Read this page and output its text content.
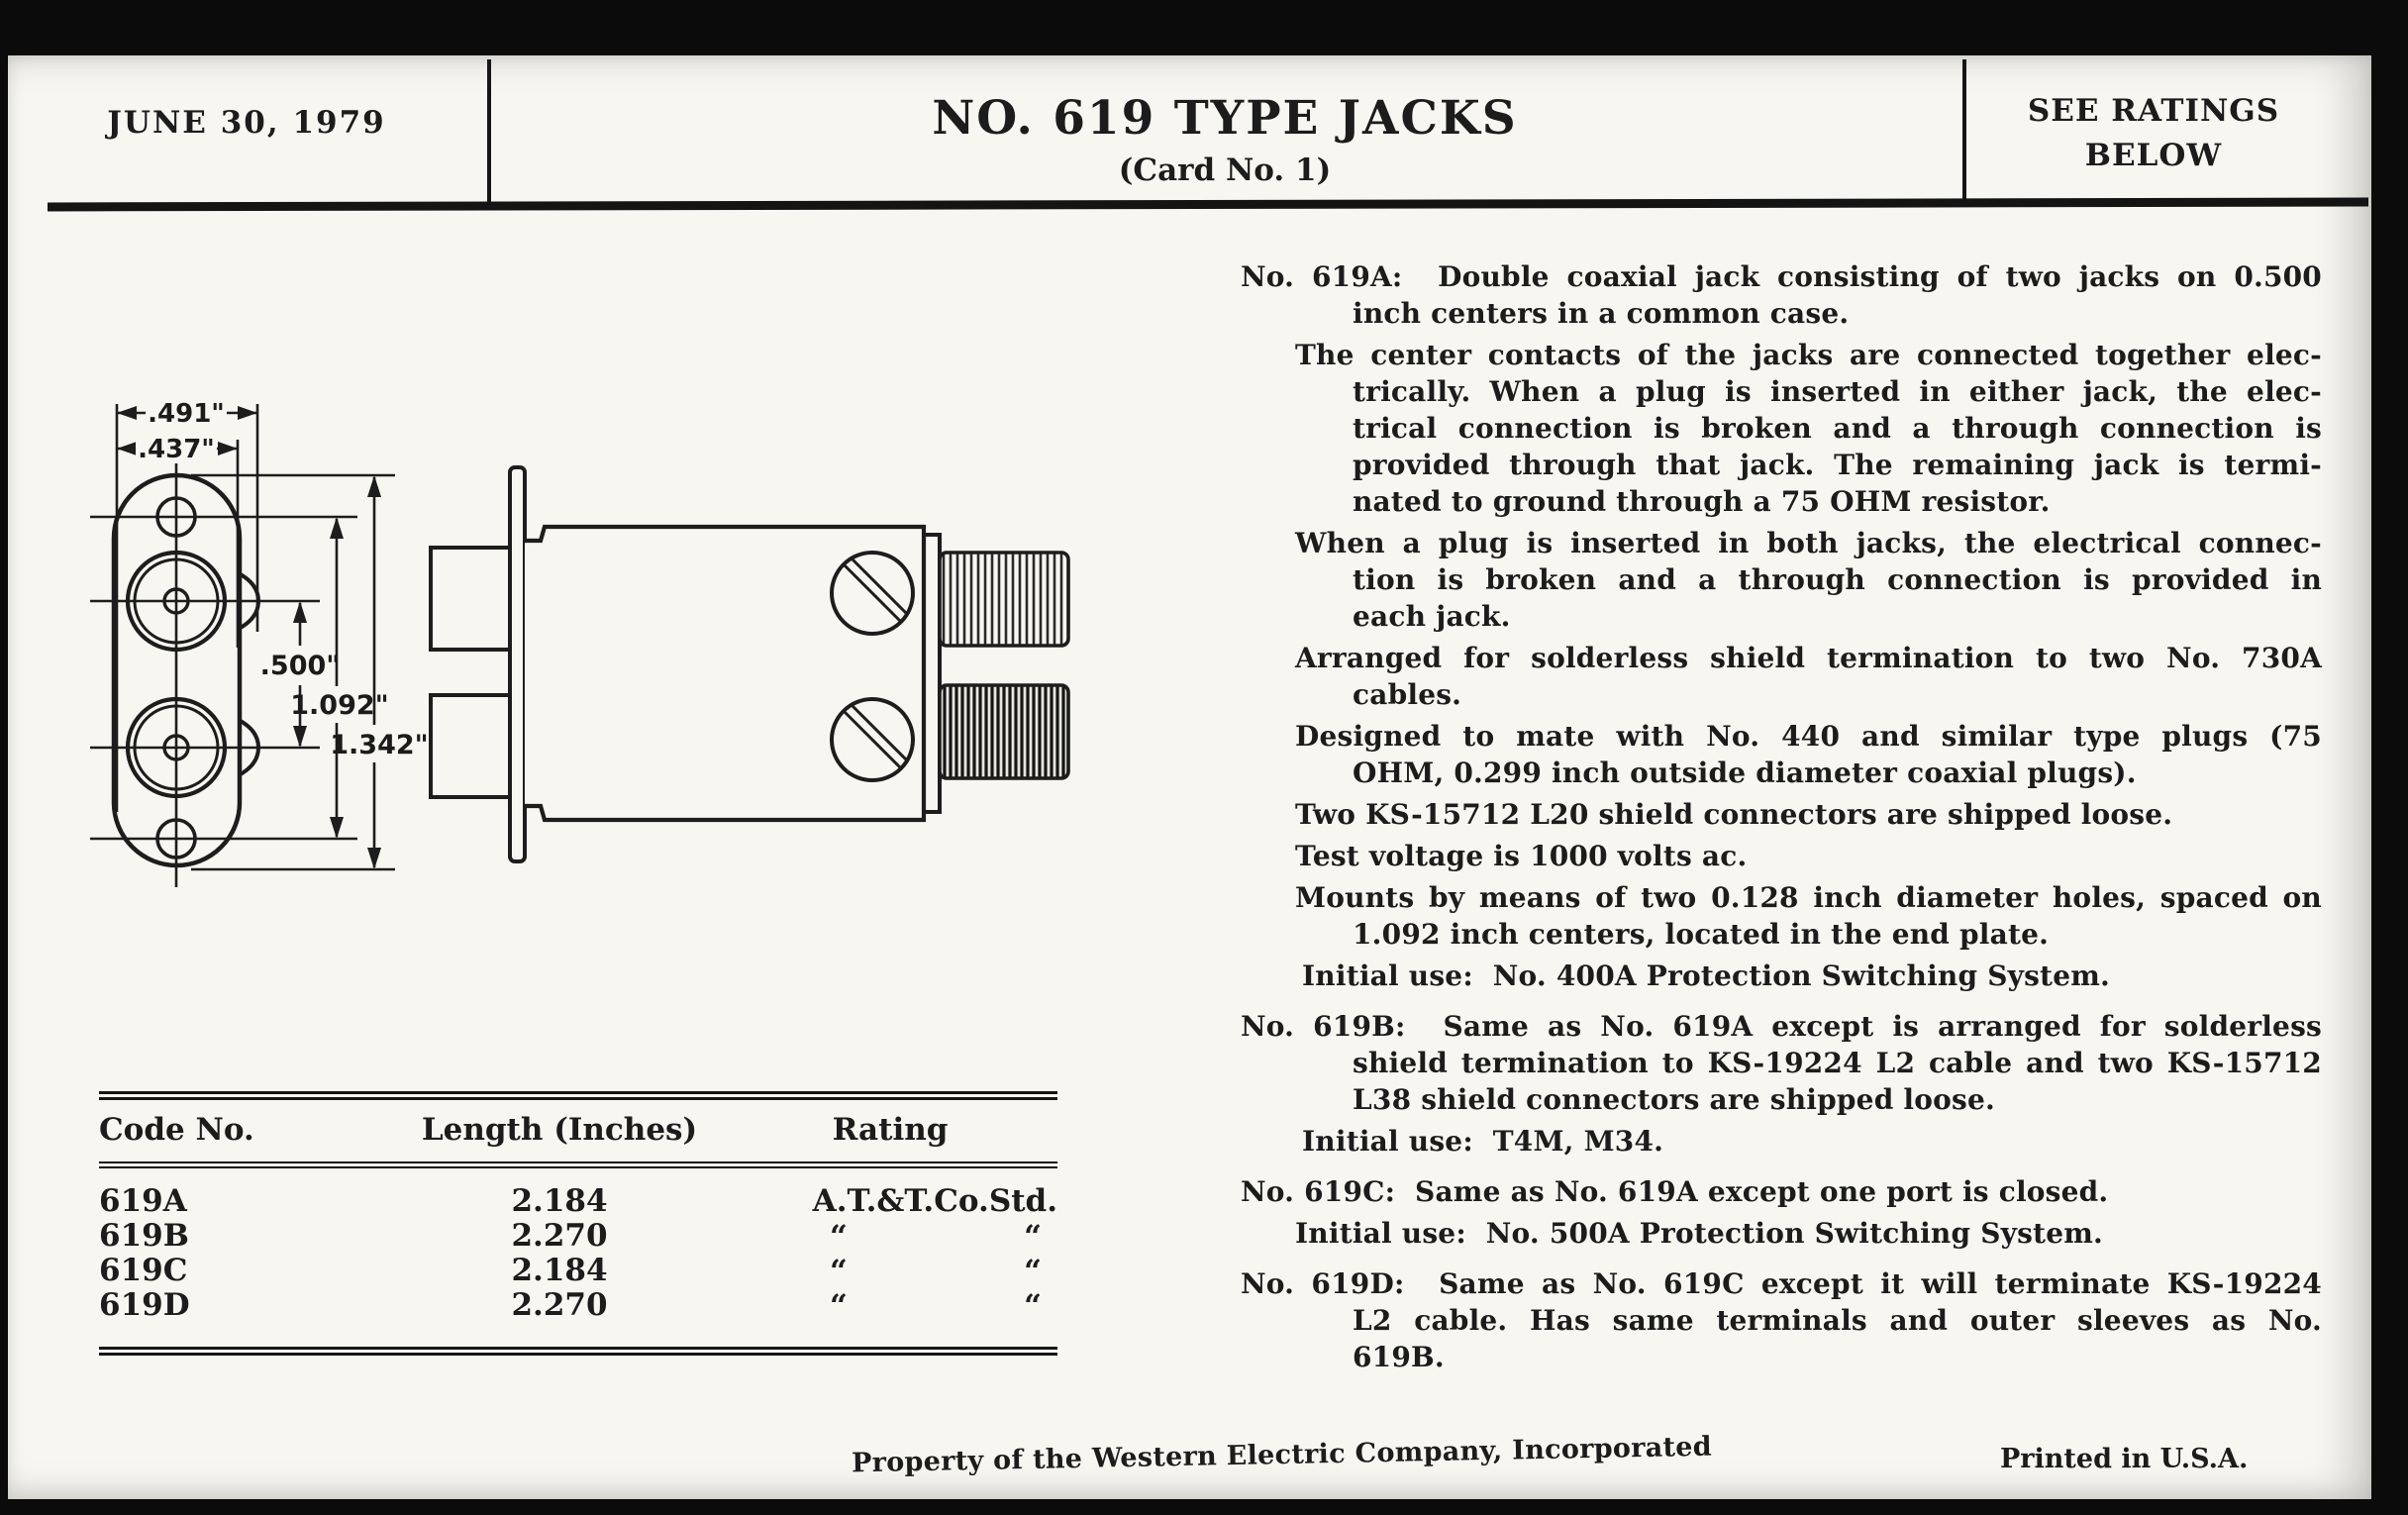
JUNE 30, 1979	NO. 619 TYPE JACKS
(Card No. 1)
SEE RATINGS
BELOW
.491"
.437"
.500"
1.092"
1.342"
Code No.	Length (Inches)	Rating
619A	2.184	A.T.&T.Co.Std.
619B	2.270	“ “

619C	2.184	“ “

619D	2.270	“ “
No. 619A:  Double coaxial jack consisting of two jacks on 0.500
inch centers in a common case.
The center contacts of the jacks are connected together elec-
trically. When a plug is inserted in either jack, the elec-
trical connection is broken and a through connection is
provided through that jack. The remaining jack is termi-
nated to ground through a 75 OHM resistor.
When a plug is inserted in both jacks, the electrical connec-
tion is broken and a through connection is provided in
each jack.
Arranged for solderless shield termination to two No. 730A
cables.
Designed to mate with No. 440 and similar type plugs (75
OHM, 0.299 inch outside diameter coaxial plugs).
Two KS-15712 L20 shield connectors are shipped loose.
Test voltage is 1000 volts ac.
Mounts by means of two 0.128 inch diameter holes, spaced on
1.092 inch centers, located in the end plate.
Initial use:  No. 400A Protection Switching System.
No. 619B:  Same as No. 619A except is arranged for solderless
shield termination to KS-19224 L2 cable and two KS-15712
L38 shield connectors are shipped loose.
Initial use:  T4M, M34.
No. 619C:  Same as No. 619A except one port is closed.
Initial use:  No. 500A Protection Switching System.
No. 619D:  Same as No. 619C except it will terminate KS-19224
L2 cable. Has same terminals and outer sleeves as No.
619B.
Property of the Western Electric Company, Incorporated	Printed in U.S.A.
